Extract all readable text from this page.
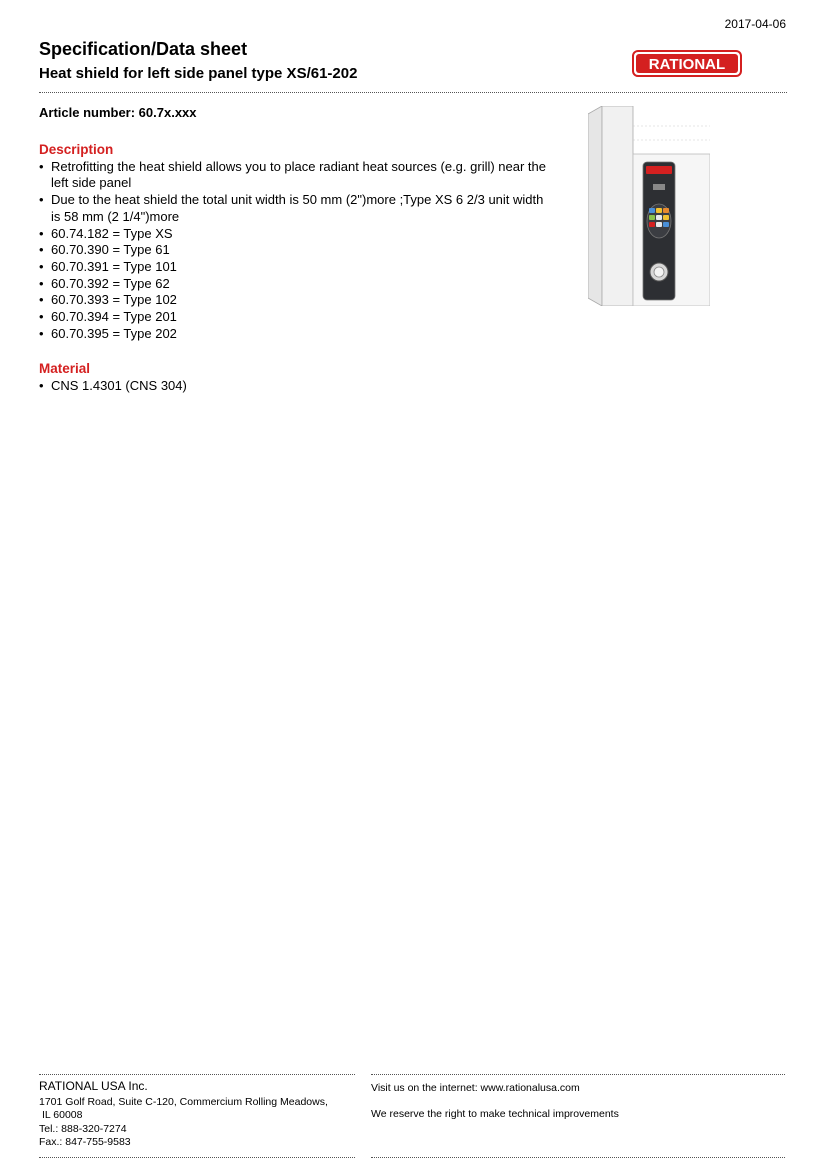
2017-04-06
Specification/Data sheet
Heat shield for left side panel type XS/61-202
RATIONAL
Article number: 60.7x.xxx
Description
• Retrofitting the heat shield allows you to place radiant heat sources (e.g. grill) near the left side panel
• Due to the heat shield the total unit width is 50 mm (2")more ;Type XS 6 2/3 unit width is 58 mm (2 1/4")more
• 60.74.182 = Type XS
• 60.70.390 = Type 61
• 60.70.391 = Type 101
• 60.70.392 = Type 62
• 60.70.393 = Type 102
• 60.70.394 = Type 201
• 60.70.395 = Type 202
Material
• CNS 1.4301 (CNS 304)
RATIONAL USA Inc.
1701 Golf Road, Suite C-120, Commercium Rolling Meadows,
IL 60008
Tel.: 888-320-7274
Fax.: 847-755-9583
Visit us on the internet: www.rationalusa.com
We reserve the right to make technical improvements
